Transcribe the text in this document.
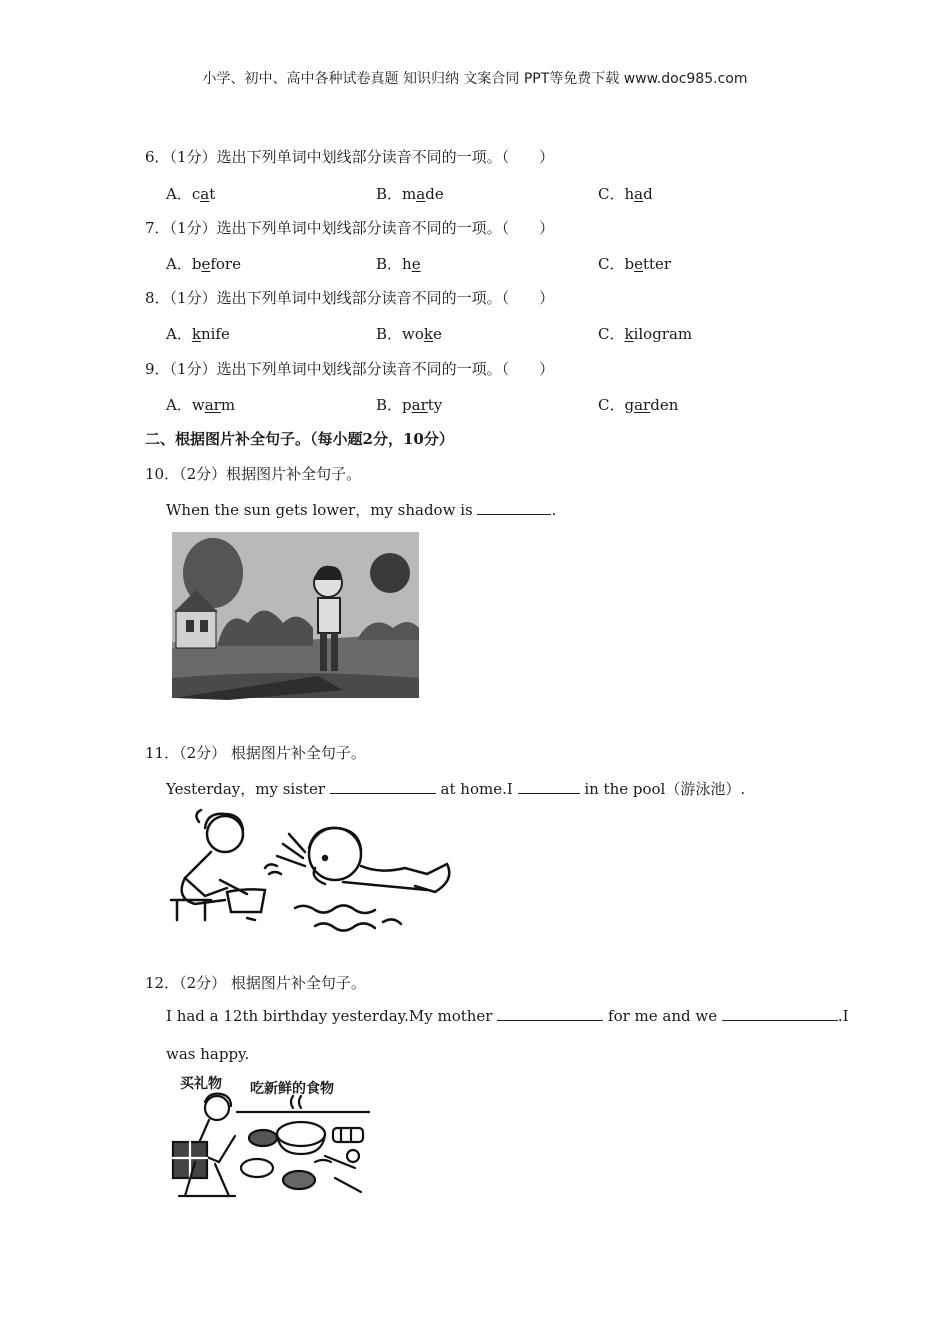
小学、初中、高中各种试卷真题 知识归纳 文案合同 PPT等免费下载 www.doc985.com
6．（1分）选出下列单词中划线部分读音不同的一项。（　　）
A．cat	B．made	C．had
7．（1分）选出下列单词中划线部分读音不同的一项。（　　）
A．before	B．he	C．better
8．（1分）选出下列单词中划线部分读音不同的一项。（　　）
A．knife	B．woke	C．kilogram
9．（1分）选出下列单词中划线部分读音不同的一项。（　　）
A．warm	B．party	C．garden
二、根据图片补全句子。（每小题2分，10分）
10．（2分）根据图片补全句子。
When the sun gets lower，my shadow is	.
11．（2分） 根据图片补全句子。
Yesterday，my sister	at home.I	in the pool（游泳池）.
12．（2分） 根据图片补全句子。
I had a 12th birthday yesterday.My mother	for me and we	.I
was happy.
买礼物 吃新鲜的食物
